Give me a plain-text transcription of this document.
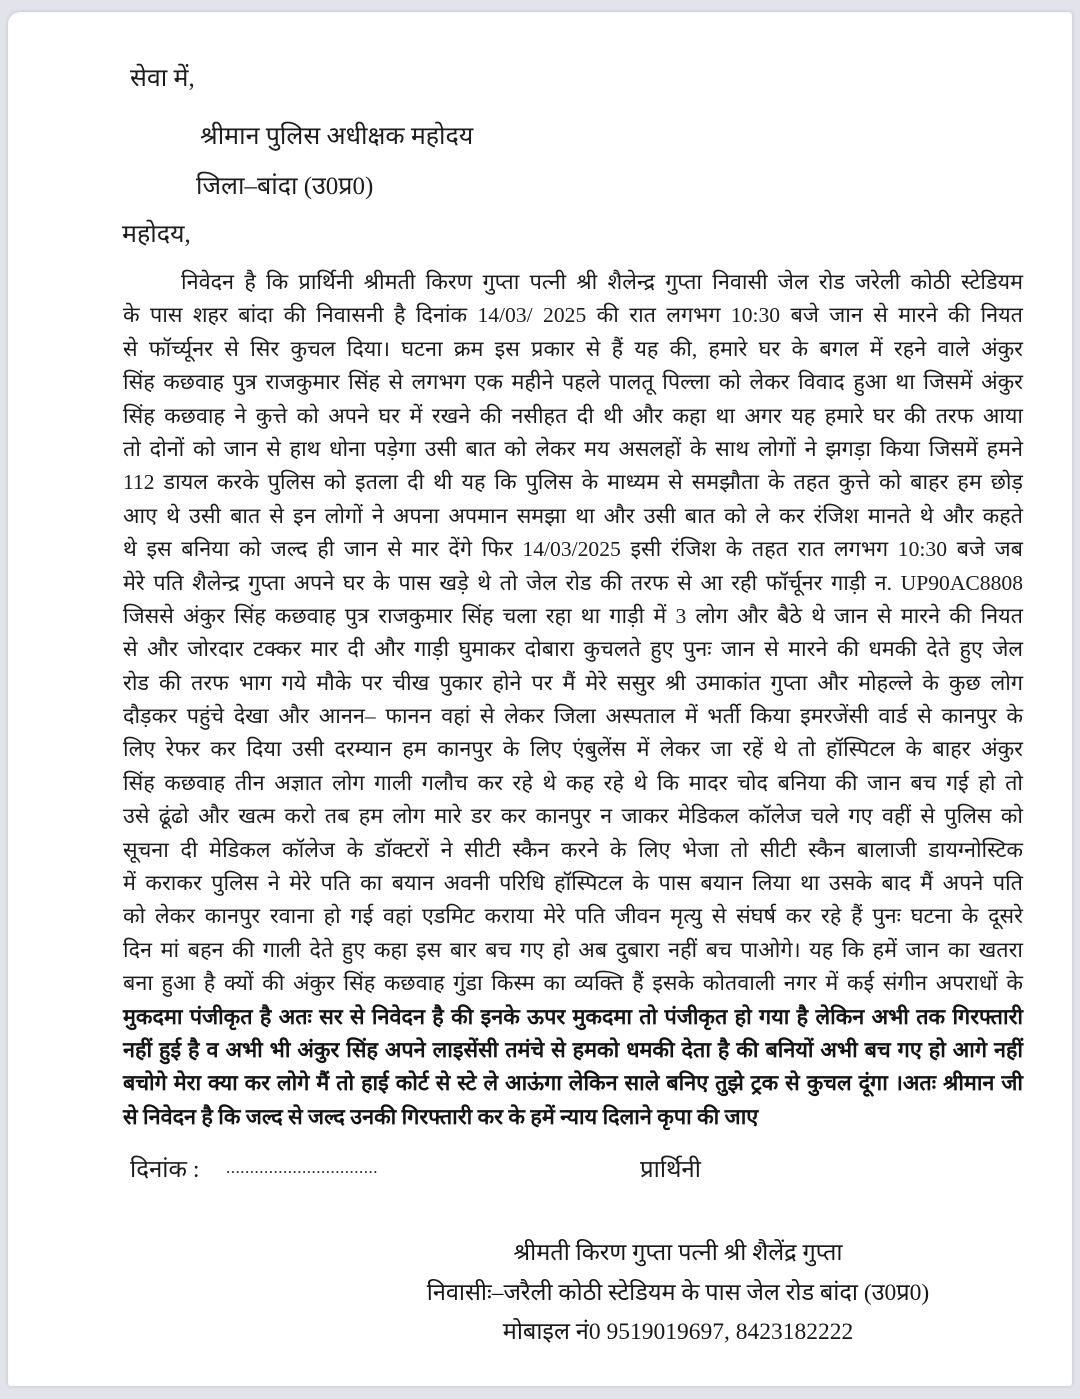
सेवा में,
श्रीमान पुलिस अधीक्षक महोदय
जिला–बांदा (उ0प्र0)
महोदय,
निवेदन है कि प्रार्थिनी श्रीमती किरण गुप्ता पत्नी श्री शैलेन्द्र गुप्ता निवासी जेल रोड जरेली कोठी स्टेडियम
के पास शहर बांदा की निवासनी है दिनांक 14/03/ 2025 की रात लगभग 10:30 बजे जान से मारने की नियत
से फॉर्च्यूनर से सिर कुचल दिया। घटना क्रम इस प्रकार से हैं यह की, हमारे घर के बगल में रहने वाले अंकुर
सिंह कछवाह पुत्र राजकुमार सिंह से लगभग एक महीने पहले पालतू पिल्ला को लेकर विवाद हुआ था जिसमें अंकुर
सिंह कछवाह ने कुत्ते को अपने घर में रखने की नसीहत दी थी और कहा था अगर यह हमारे घर की तरफ आया
तो दोनों को जान से हाथ धोना पड़ेगा उसी बात को लेकर मय असलहों के साथ लोगों ने झगड़ा किया जिसमें हमने
112 डायल करके पुलिस को इतला दी थी यह कि पुलिस के माध्यम से समझौता के तहत कुत्ते को बाहर हम छोड़
आए थे उसी बात से इन लोगों ने अपना अपमान समझा था और उसी बात को ले कर रंजिश मानते थे और कहते
थे इस बनिया को जल्द ही जान से मार देंगे फिर 14/03/2025 इसी रंजिश के तहत रात लगभग 10:30 बजे जब
मेरे पति शैलेन्द्र गुप्ता अपने घर के पास खड़े थे तो जेल रोड की तरफ से आ रही फॉर्चूनर गाड़ी न. UP90AC8808
जिससे अंकुर सिंह कछवाह पुत्र राजकुमार सिंह चला रहा था गाड़ी में 3 लोग और बैठे थे जान से मारने की नियत
से और जोरदार टक्कर मार दी और गाड़ी घुमाकर दोबारा कुचलते हुए पुनः जान से मारने की धमकी देते हुए जेल
रोड की तरफ भाग गये मौके पर चीख पुकार होने पर मैं मेरे ससुर श्री उमाकांत गुप्ता और मोहल्ले के कुछ लोग
दौड़कर पहुंचे देखा और आनन– फानन वहां से लेकर जिला अस्पताल में भर्ती किया इमरजेंसी वार्ड से कानपुर के
लिए रेफर कर दिया उसी दरम्यान हम कानपुर के लिए एंबुलेंस में लेकर जा रहें थे तो हॉस्पिटल के बाहर अंकुर
सिंह कछवाह तीन अज्ञात लोग गाली गलौच कर रहे थे कह रहे थे कि मादर चोद बनिया की जान बच गई हो तो
उसे ढूंढो और खत्म करो तब हम लोग मारे डर कर कानपुर न जाकर मेडिकल कॉलेज चले गए वहीं से पुलिस को
सूचना दी मेडिकल कॉलेज के डॉक्टरों ने सीटी स्कैन करने के लिए भेजा तो सीटी स्कैन बालाजी डायग्नोस्टिक
में कराकर पुलिस ने मेरे पति का बयान अवनी परिधि हॉस्पिटल के पास बयान लिया था उसके बाद मैं अपने पति
को लेकर कानपुर रवाना हो गई वहां एडमिट कराया मेरे पति जीवन मृत्यु से संघर्ष कर रहे हैं पुनः घटना के दूसरे
दिन मां बहन की गाली देते हुए कहा इस बार बच गए हो अब दुबारा नहीं बच पाओगे। यह कि हमें जान का खतरा
बना हुआ है क्यों की अंकुर सिंह कछवाह गुंडा किस्म का व्यक्ति हैं इसके कोतवाली नगर में कई संगीन अपराधों के
मुकदमा पंजीकृत है अतः सर से निवेदन है की इनके ऊपर मुकदमा तो पंजीकृत हो गया है लेकिन अभी तक गिरफ्तारी
नहीं हुई है व अभी भी अंकुर सिंह अपने लाइसेंसी तमंचे से हमको धमकी देता है की बनियों अभी बच गए हो आगे नहीं
बचोगे मेरा क्या कर लोगे मैं तो हाई कोर्ट से स्टे ले आऊंगा लेकिन साले बनिए तुझे ट्रक से कुचल दूंगा ।अतः श्रीमान जी
से निवेदन है कि जल्द से जल्द उनकी गिरफ्तारी कर के हमें न्याय दिलाने कृपा की जाए
दिनांक : ................................	प्रार्थिनी
श्रीमती किरण गुप्ता पत्नी श्री शैलेंद्र गुप्ता
निवासीः–जरैली कोठी स्टेडियम के पास जेल रोड बांदा (उ0प्र0)
मोबाइल नं0 9519019697, 8423182222
